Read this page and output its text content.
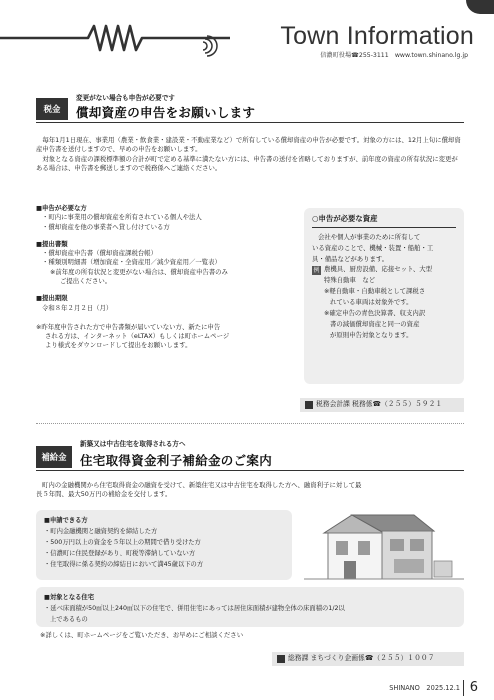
Town Information
信濃町役場☎255-3111　www.town.shinano.lg.jp
税金
変更がない場合も申告が必要です
償却資産の申告をお願いします

毎年1月1日現在、事業用（農業・飲食業・建設業・不動産業など）で所有している償却資産の申告が必要です。対象の方には、12月上旬に償却資産申告書を送付しますので、早めの申告をお願いします。

対象となる資産の課税標準額の合計が町で定める基準に満たない方には、申告書の送付を省略しておりますが、前年度の資産の所有状況に変更がある場合は、申告書を郵送しますので税務係へご連絡ください。

■申告が必要な方
・町内に事業用の償却資産を所有されている個人や法人
・償却資産を他の事業者へ貸し付けている方
■提出書類
・償却資産申告書（償却資産課税台帳）
・種類別明細書（増加資産・全資産用／減少資産用／一覧表）
※前年度の所有状況と変更がない場合は、償却資産申告書のみ
ご提出ください。
■提出期限
令和８年２月２日（月）
※昨年度申告された方で申告書類が届いていない方、新たに申告
される方は、インターネット（eLTAX）もしくは町ホームページ
より様式をダウンロードして提出をお願いします。
○申告が必要な資産
会社や個人が事業のために所有して
いる資産のことで、機械・装置・船舶・工
具・備品などがあります。
例 農機具、厨房設備、応接セット、大型
特殊自動車　など
※軽自動車・自動車税として課税さ
れている車両は対象外です。
※確定申告の青色決算書、収支内訳
書の減価償却資産と同一の資産
が原則申告対象となります。
税務会計課 税務係☎（２５５）５９２１
補給金
新築又は中古住宅を取得される方へ
住宅取得資金利子補給金のご案内
町内の金融機関から住宅取得資金の融資を受けて、新築住宅又は中古住宅を取得した方へ、融資利子に対して最
長５年間、最大50万円の補給金を交付します。
■申請できる方
・町内金融機関と融資契約を締結した方
・500万円以上の資金を５年以上の期間で借り受けた方
・信濃町に住民登録があり、町税等滞納していない方
・住宅取得に係る契約の締結日において満45歳以下の方
■対象となる住宅
・延べ床面積が50㎡以上240㎡以下の住宅で、併用住宅にあっては居住床面積が建物全体の床面積の1/2以
上であるもの
※詳しくは、町ホームページをご覧いただき、お早めにご相談ください
総務課 まちづくり企画係☎（２５５）１００７
SHINANO　2025.12.1 6
